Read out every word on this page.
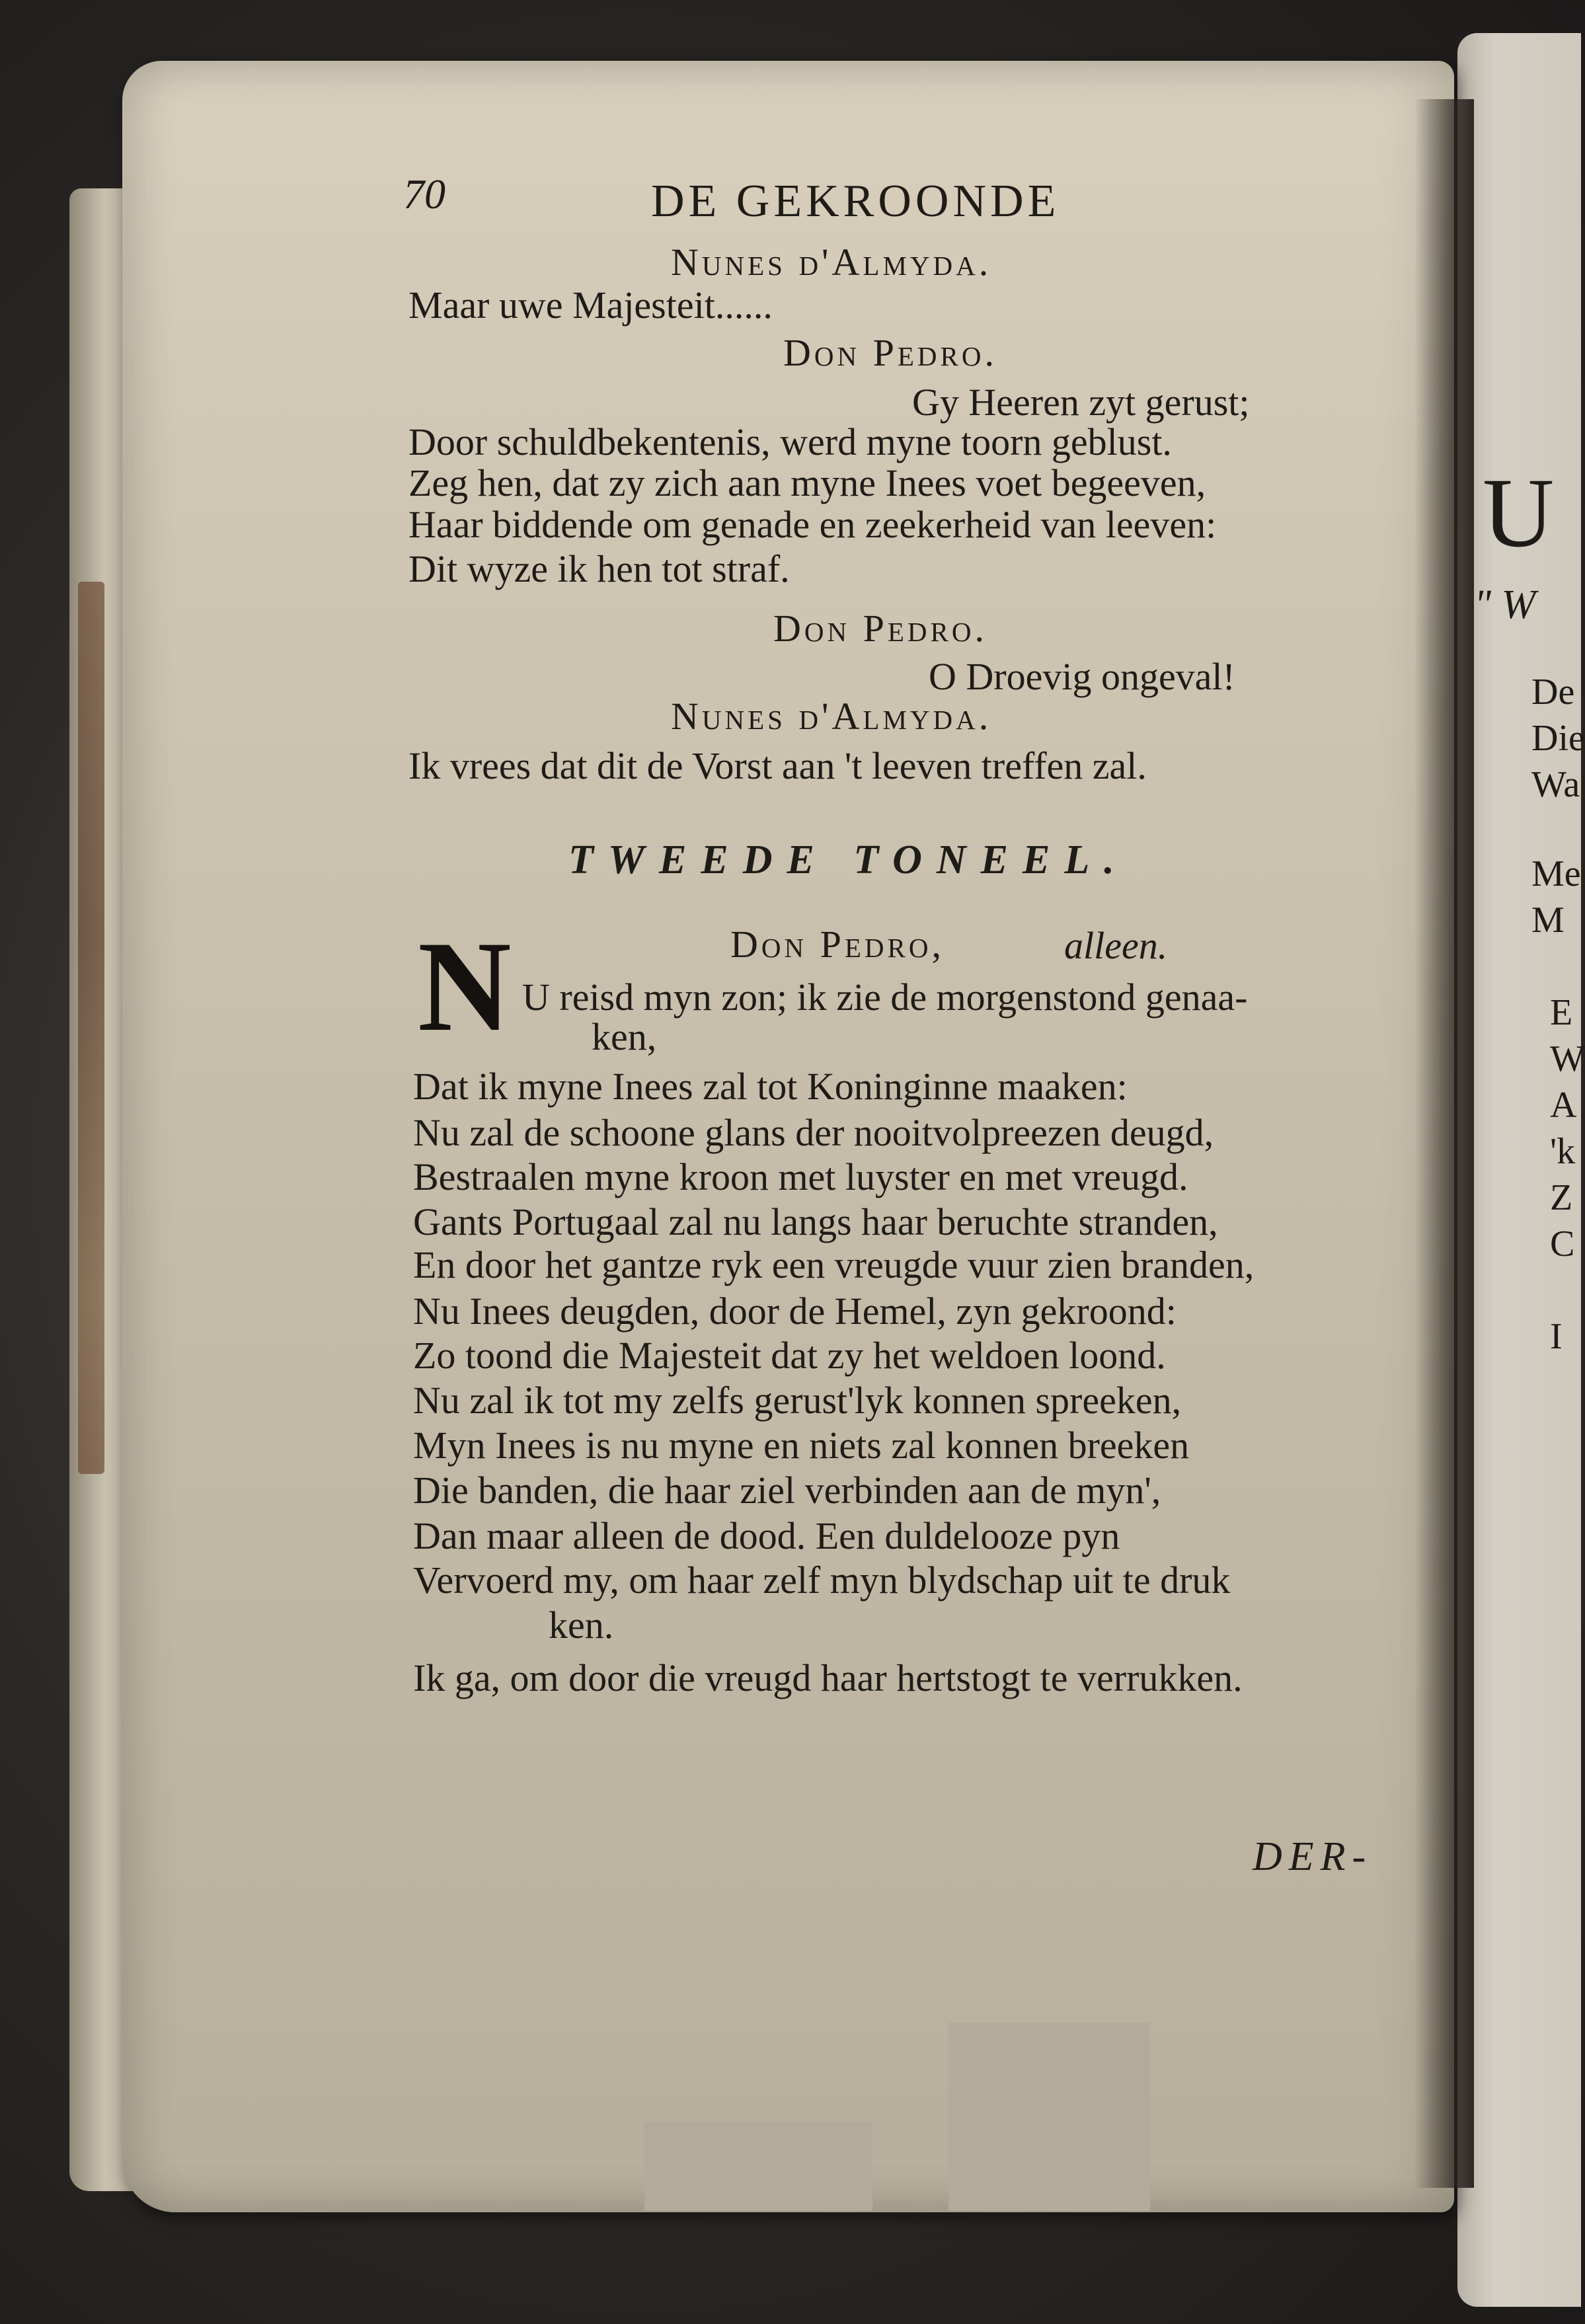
U
" W
De
Die
Wa
Me
M
E
W
A
'k
Z
C
I
70	DE GEKROONDE
Nunes d'Almyda.
Maar uwe Majesteit......
Don Pedro.
Gy Heeren zyt gerust;
Door schuldbekentenis, werd myne toorn geblust.
Zeg hen, dat zy zich aan myne Inees voet begeeven,
Haar biddende om genade en zeekerheid van leeven:
Dit wyze ik hen tot straf.
Don Pedro.
O Droevig ongeval!
Nunes d'Almyda.
Ik vrees dat dit de Vorst aan 't leeven treffen zal.
TWEEDE TONEEL.
Don Pedro,	alleen.
N U reisd myn zon; ik zie de morgenstond genaa-
ken,
Dat ik myne Inees zal tot Koninginne maaken:
Nu zal de schoone glans der nooitvolpreezen deugd,
Bestraalen myne kroon met luyster en met vreugd.
Gants Portugaal zal nu langs haar beruchte stranden,
En door het gantze ryk een vreugde vuur zien branden,
Nu Inees deugden, door de Hemel, zyn gekroond:
Zo toond die Majesteit dat zy het weldoen loond.
Nu zal ik tot my zelfs gerust'lyk konnen spreeken,
Myn Inees is nu myne en niets zal konnen breeken
Die banden, die haar ziel verbinden aan de myn',
Dan maar alleen de dood. Een duldelooze pyn
Vervoerd my, om haar zelf myn blydschap uit te druk
ken.
Ik ga, om door die vreugd haar hertstogt te verrukken.
DER-
